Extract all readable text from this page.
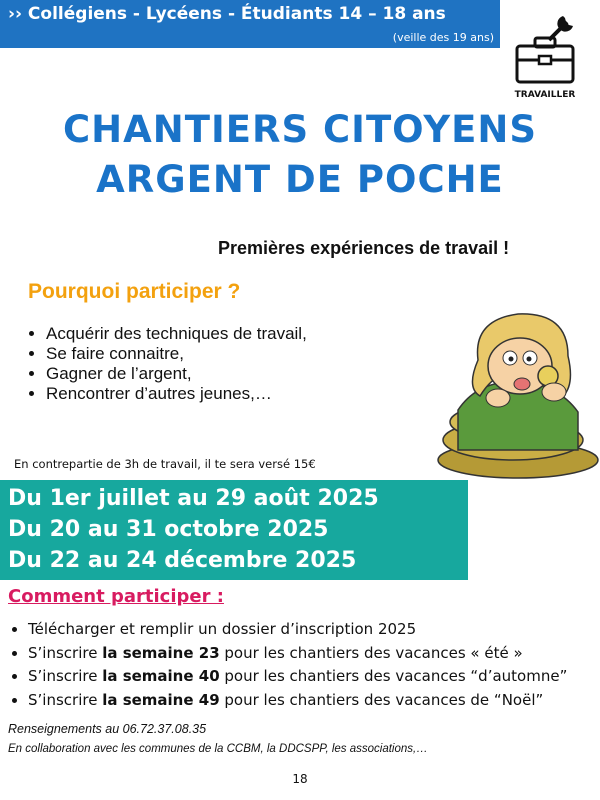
›› Collégiens - Lycéens - Étudiants 14 – 18 ans
(veille des 19 ans)
TRAVAILLER
CHANTIERS CITOYENS
ARGENT DE POCHE
Premières expériences de travail !
Pourquoi participer ?
• Acquérir des techniques de travail,
• Se faire connaitre,
• Gagner de l’argent,
• Rencontrer d’autres jeunes,…
En contrepartie de 3h de travail, il te sera versé 15€
Du 1er juillet au 29 août 2025
Du 20 au 31 octobre 2025
Du 22 au 24 décembre 2025
Comment participer :
• Télécharger et remplir un dossier d’inscription 2025
• S’inscrire la semaine 23 pour les chantiers des vacances « été »
• S’inscrire la semaine 40 pour les chantiers des vacances “d’automne”
• S’inscrire la semaine 49 pour les chantiers des vacances de “Noël”
Renseignements au 06.72.37.08.35
En collaboration avec les communes de la CCBM, la DDCSPP, les associations,…
18
